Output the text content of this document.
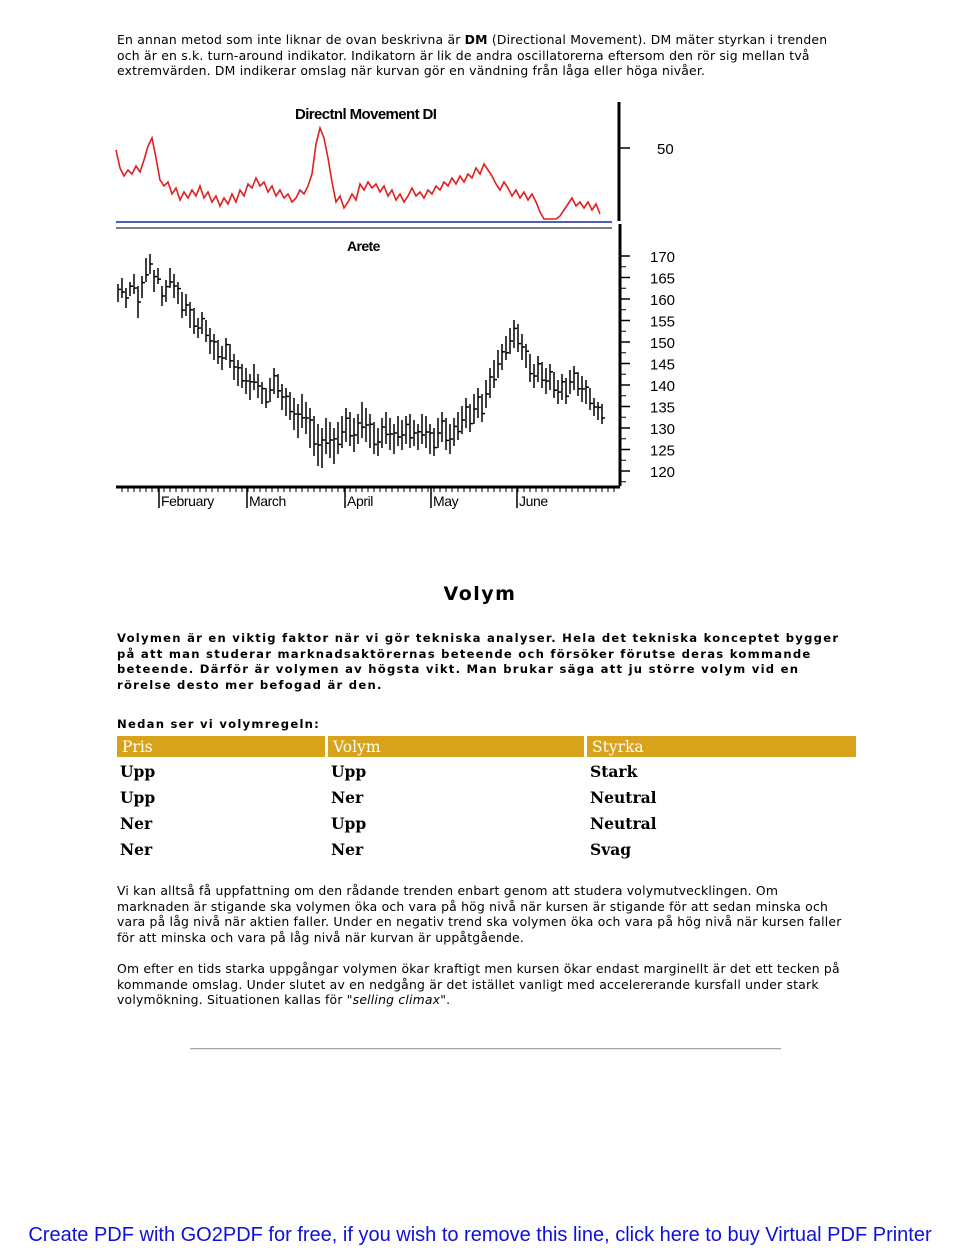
En annan metod som inte liknar de ovan beskrivna är DM (Directional Movement). DM mäter styrkan i trenden och är en s.k. turn-around indikator. Indikatorn är lik de andra oscillatorerna eftersom den rör sig mellan två extremvärden. DM indikerar omslag när kurvan gör en vändning från låga eller höga nivåer.

Directnl Movement DI
50
Arete
170
165
160
155
150
145
140
135
130
125
120
February	March	April	May	June
Volym

Volymen är en viktig faktor när vi gör tekniska analyser. Hela det tekniska konceptet bygger på att man studerar marknadsaktörernas beteende och försöker förutse deras kommande beteende. Därför är volymen av högsta vikt. Man brukar säga att ju större volym vid en rörelse desto mer befogad är den.

Nedan ser vi volymregeln:

Pris	Volym	Styrka
Upp	Upp	Stark
Upp	Ner	Neutral
Ner	Upp	Neutral
Ner	Ner	Svag

Vi kan alltså få uppfattning om den rådande trenden enbart genom att studera volymutvecklingen. Om marknaden är stigande ska volymen öka och vara på hög nivå när kursen är stigande för att sedan minska och vara på låg nivå när aktien faller. Under en negativ trend ska volymen öka och vara på hög nivå när kursen faller för att minska och vara på låg nivå när kurvan är uppåtgående.

Om efter en tids starka uppgångar volymen ökar kraftigt men kursen ökar endast marginellt är det ett tecken på kommande omslag. Under slutet av en nedgång är det istället vanligt med accelererande kursfall under stark volymökning. Situationen kallas för "selling climax".

Create PDF with GO2PDF for free, if you wish to remove this line, click here to buy Virtual PDF Printer
